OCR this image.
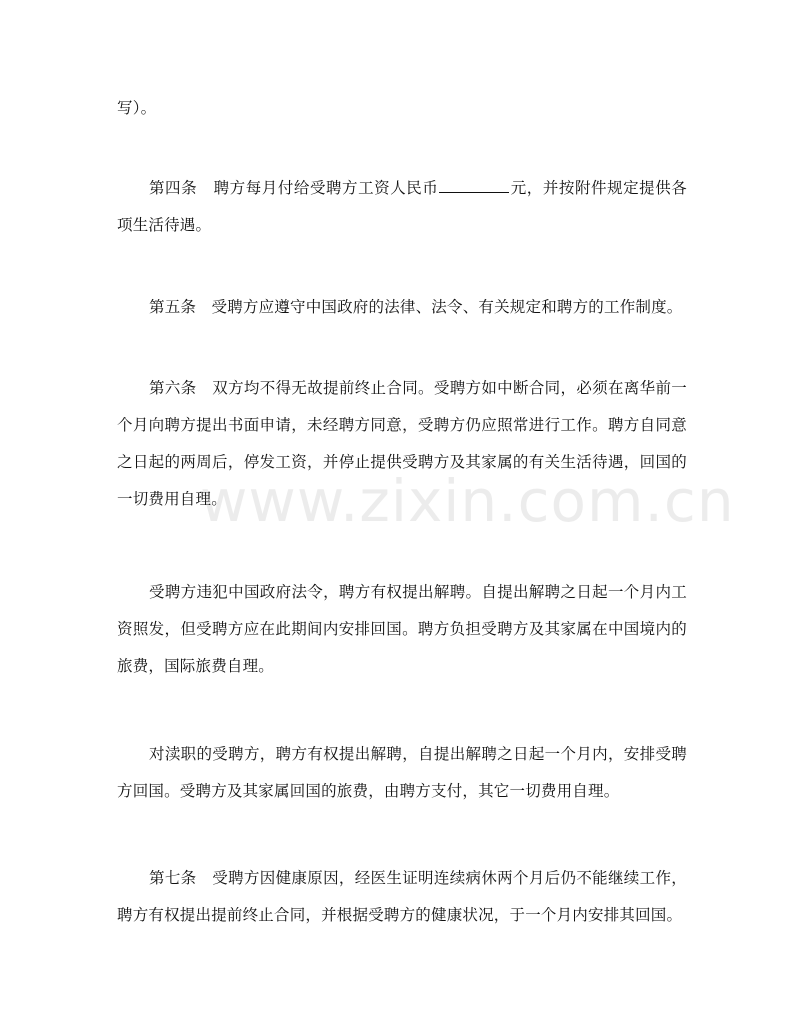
写）。

第四条 聘方每月付给受聘方工资人民币	元，并按附件规定提供各项生活待遇。

第五条 受聘方应遵守中国政府的法律、法令、有关规定和聘方的工作制度。

第六条 双方均不得无故提前终止合同。受聘方如中断合同，必须在离华前一个月向聘方提出书面申请，未经聘方同意，受聘方仍应照常进行工作。聘方自同意之日起的两周后，停发工资，并停止提供受聘方及其家属的有关生活待遇，回国的一切费用自理。

受聘方违犯中国政府法令，聘方有权提出解聘。自提出解聘之日起一个月内工资照发，但受聘方应在此期间内安排回国。聘方负担受聘方及其家属在中国境内的旅费，国际旅费自理。

对渎职的受聘方，聘方有权提出解聘，自提出解聘之日起一个月内，安排受聘方回国。受聘方及其家属回国的旅费，由聘方支付，其它一切费用自理。

第七条 受聘方因健康原因，经医生证明连续病休两个月后仍不能继续工作，聘方有权提出提前终止合同，并根据受聘方的健康状况，于一个月内安排其回国。

www.zixin.com.cn
